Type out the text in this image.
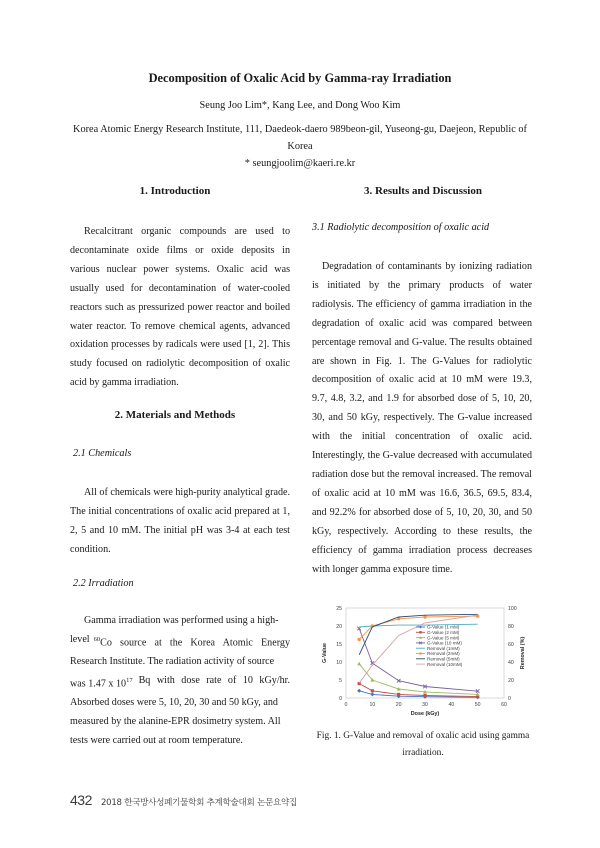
Decomposition of Oxalic Acid by Gamma-ray Irradiation
Seung Joo Lim*, Kang Lee, and Dong Woo Kim
Korea Atomic Energy Research Institute, 111, Daedeok-daero 989beon-gil, Yuseong-gu, Daejeon, Republic of Korea
* seungjoolim@kaeri.re.kr
1. Introduction
Recalcitrant organic compounds are used to decontaminate oxide films or oxide deposits in various nuclear power systems. Oxalic acid was usually used for decontamination of water-cooled reactors such as pressurized power reactor and boiled water reactor. To remove chemical agents, advanced oxidation processes by radicals were used [1, 2]. This study focused on radiolytic decomposition of oxalic acid by gamma irradiation.
2. Materials and Methods
2.1 Chemicals
All of chemicals were high-purity analytical grade. The initial concentrations of oxalic acid prepared at 1, 2, 5 and 10 mM. The initial pH was 3-4 at each test condition.
2.2 Irradiation
Gamma irradiation was performed using a high-
level $^{60}$Co source at the Korea Atomic Energy
Research Institute. The radiation activity of source
was 1.47 x $10^{17}$ Bq with dose rate of 10 kGy/hr.
Absorbed doses were 5, 10, 20, 30 and 50 kGy, and
measured by the alanine-EPR dosimetry system. All
tests were carried out at room temperature.
3. Results and Discussion
3.1 Radiolytic decomposition of oxalic acid
Degradation of contaminants by ionizing radiation is initiated by the primary products of water radiolysis. The efficiency of gamma irradiation in the degradation of oxalic acid was compared between percentage removal and G-value. The results obtained are shown in Fig. 1. The G-Values for radiolytic decomposition of oxalic acid at 10 mM were 19.3, 9.7, 4.8, 3.2, and 1.9 for absorbed dose of 5, 10, 20, 30, and 50 kGy, respectively. The G-value increased with the initial concentration of oxalic acid. Interestingly, the G-value decreased with accumulated radiation dose but the removal increased. The removal of oxalic acid at 10 mM was 16.6, 36.5, 69.5, 83.4, and 92.2% for absorbed dose of 5, 10, 20, 30, and 50 kGy, respectively. According to these results, the efficiency of gamma irradiation process decreases with longer gamma exposure time.
0	10	20	30	40	50	60
0
5
10
15
20
25
0
20
40
60
80
100
Dose (kGy)
G-Value	Removal (%)
G-Value (1 mM)
G-Value (2 mM)
G-Value (5 mM)
G-Value (10 mM)
Removal (1mM)
Removal (2mM)
Removal (5mM)
Removal (10mM)
Fig. 1. G-Value and removal of oxalic acid using gamma irradiation.
432 2018 한국방사성폐기물학회 추계학술대회 논문요약집
